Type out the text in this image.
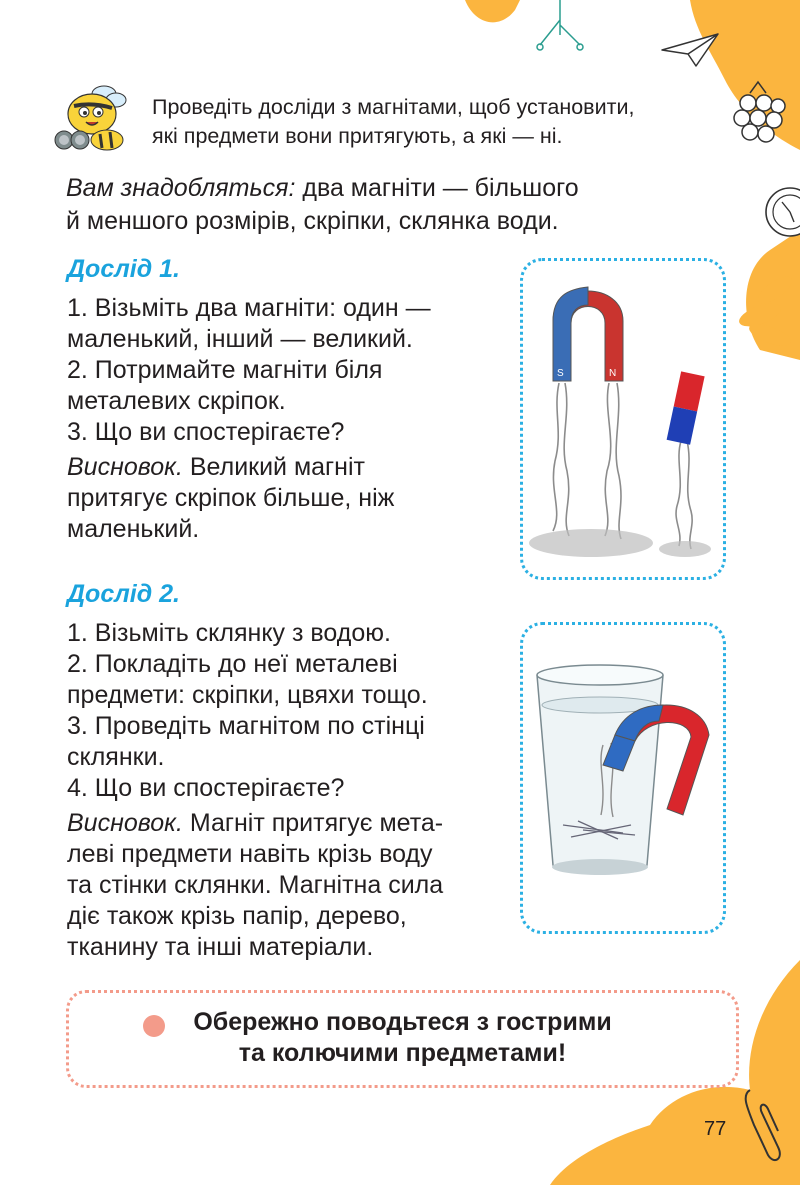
Проведіть досліди з магнітами, щоб установити,
які предмети вони притягують, а які — ні.
Вам знадобляться: два магніти — більшого
й меншого розмірів, скріпки, склянка води.
Дослід 1.

1. Візьміть два магніти: один —

маленький, інший — великий.

2. Потримайте магніти біля

металевих скріпок.

3. Що ви спостерігаєте?

Висновок. Великий магніт

притягує скріпок більше, ніж

маленький.

S	N
Дослід 2.

1. Візьміть склянку з водою.

2. Покладіть до неї металеві

предмети: скріпки, цвяхи тощо.

3. Проведіть магнітом по стінці

склянки.

4. Що ви спостерігаєте?

Висновок. Магніт притягує мета-

леві предмети навіть крізь воду

та стінки склянки. Магнітна сила

діє також крізь папір, дерево,

тканину та інші матеріали.

Обережно поводьтеся з гострими
та колючими предметами!
77
